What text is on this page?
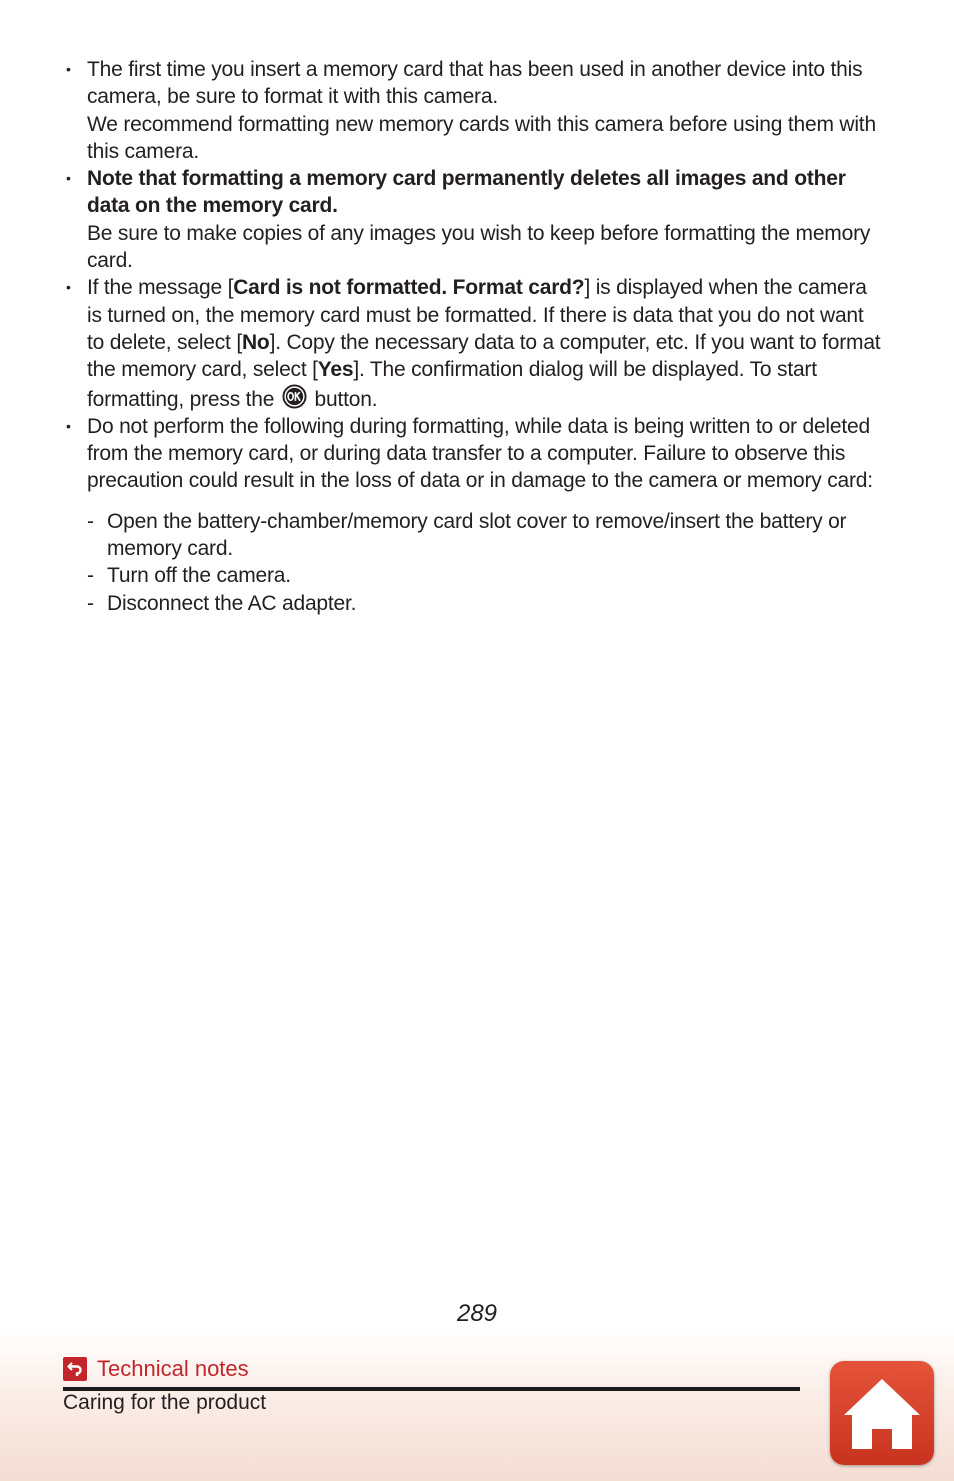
• The first time you insert a memory card that has been used in another device into this camera, be sure to format it with this camera.

We recommend formatting new memory cards with this camera before using them with this camera.

• Note that formatting a memory card permanently deletes all images and other data on the memory card.

Be sure to make copies of any images you wish to keep before formatting the memory card.

• If the message [Card is not formatted. Format card?] is displayed when the camera is turned on, the memory card must be formatted. If there is data that you do not want to delete, select [No]. Copy the necessary data to a computer, etc. If you want to format the memory card, select [Yes]. The confirmation dialog will be displayed. To start formatting, press the button.

• Do not perform the following during formatting, while data is being written to or deleted from the memory card, or during data transfer to a computer. Failure to observe this precaution could result in the loss of data or in damage to the camera or memory card:

- Open the battery-chamber/memory card slot cover to remove/insert the battery or memory card.
- Turn off the camera.
- Disconnect the AC adapter.
289
Technical notes
Caring for the product
